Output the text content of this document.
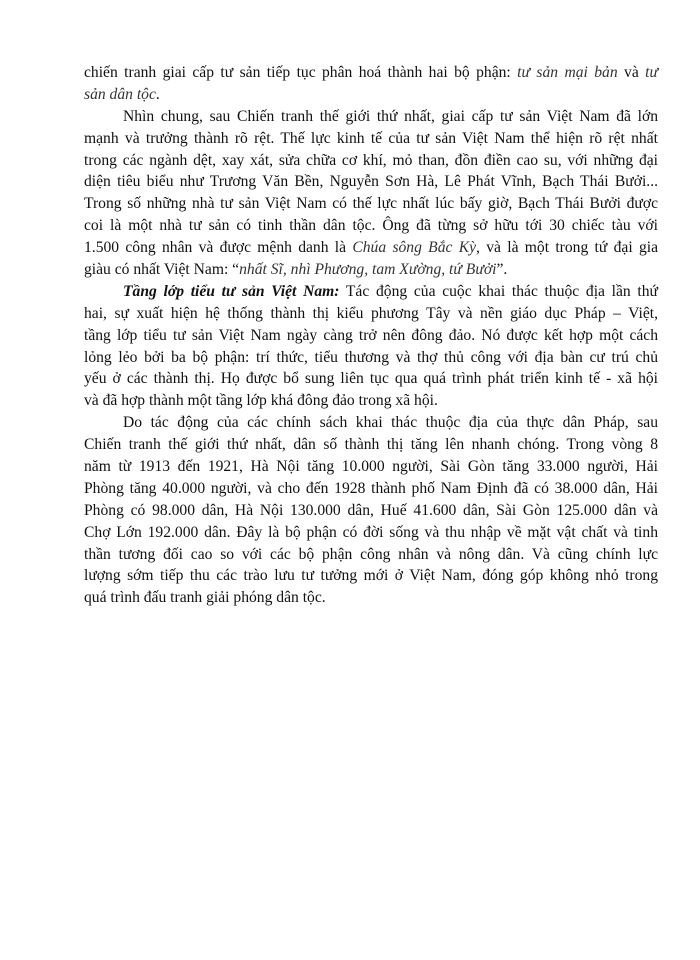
chiến tranh giai cấp tư sản tiếp tục phân hoá thành hai bộ phận: tư sản mại bản và tư
sản dân tộc.
Nhìn chung, sau Chiến tranh thế giới thứ nhất, giai cấp tư sản Việt Nam đã lớn
mạnh và trưởng thành rõ rệt. Thế lực kinh tế của tư sản Việt Nam thể hiện rõ rệt nhất
trong các ngành dệt, xay xát, sửa chữa cơ khí, mỏ than, đồn điền cao su, với những đại
diện tiêu biểu như Trương Văn Bền, Nguyễn Sơn Hà, Lê Phát Vĩnh, Bạch Thái Bưởi...
Trong số những nhà tư sản Việt Nam có thế lực nhất lúc bấy giờ, Bạch Thái Bưởi được
coi là một nhà tư sản có tinh thần dân tộc. Ông đã từng sở hữu tới 30 chiếc tàu với
1.500 công nhân và được mệnh danh là Chúa sông Bắc Kỳ, và là một trong tứ đại gia
giàu có nhất Việt Nam: “nhất Sĩ, nhì Phương, tam Xường, tứ Bưởi”.
Tầng lớp tiểu tư sản Việt Nam: Tác động của cuộc khai thác thuộc địa lần thứ
hai, sự xuất hiện hệ thống thành thị kiểu phương Tây và nền giáo dục Pháp – Việt,
tầng lớp tiểu tư sản Việt Nam ngày càng trở nên đông đảo. Nó được kết hợp một cách
lỏng lẻo bởi ba bộ phận: trí thức, tiểu thương và thợ thủ công với địa bàn cư trú chủ
yếu ở các thành thị. Họ được bổ sung liên tục qua quá trình phát triển kinh tế - xã hội
và đã hợp thành một tầng lớp khá đông đảo trong xã hội.
Do tác động của các chính sách khai thác thuộc địa của thực dân Pháp, sau
Chiến tranh thế giới thứ nhất, dân số thành thị tăng lên nhanh chóng. Trong vòng 8
năm từ 1913 đến 1921, Hà Nội tăng 10.000 người, Sài Gòn tăng 33.000 người, Hải
Phòng tăng 40.000 người, và cho đến 1928 thành phố Nam Định đã có 38.000 dân, Hải
Phòng có 98.000 dân, Hà Nội 130.000 dân, Huế 41.600 dân, Sài Gòn 125.000 dân và
Chợ Lớn 192.000 dân. Đây là bộ phận có đời sống và thu nhập về mặt vật chất và tinh
thần tương đối cao so với các bộ phận công nhân và nông dân. Và cũng chính lực
lượng sớm tiếp thu các trào lưu tư tưởng mới ở Việt Nam, đóng góp không nhỏ trong
quá trình đấu tranh giải phóng dân tộc.
